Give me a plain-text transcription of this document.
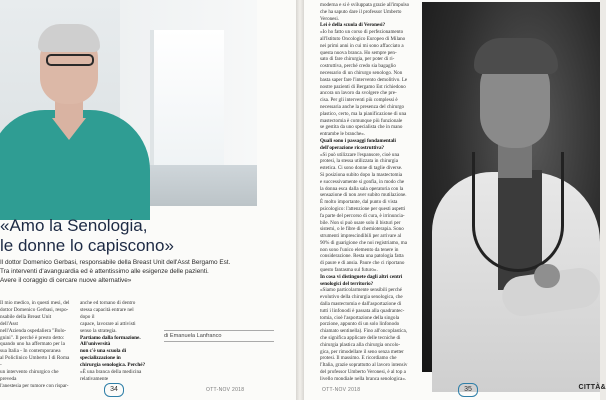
«Amo la Senologia,
le donne lo capiscono»
Il dottor Domenico Gerbasi, responsabile della Breast Unit dell'Asst Bergamo Est.
Tra interventi d'avanguardia ed è attentissimo alle esigenze delle pazienti.
Avere il coraggio di cercare nuove alternative»
Il mio medico, in questi mesi, del
dottor Domenico Gerbasi, respo-
nsabile della Breast Unit dell'Asst
nell'Azienda ospedaliera "Bolo-
gnini". Il perché è presto detto:
quando uno ha affermato per la
sua Italia - In contemporanea
al Policlinico Umberto I di Roma -
un intervento chirurgico che preveda
l'anestesia per tumore con rispar-
anche ed tornano di dentro
stessa capacità entrare nel
dopo il
capace, lavorare ai attivisti
senso la strategia.
Partiamo dalla formazione. All'università
non c'è una scuola di specializzazione in
chirurgia senologica. Perché?
«È una branca della medicina relativamente
di Emanuela Lanfranco
34	OTT-NOV 2018
moderna e si è sviluppata grazie all'impulso
che ha saputo dare il professor Umberto
Veronesi.
Lei è della scuola di Veronesi?
«Io ho fatto un corso di perfezionamento
all'Istituto Oncologico Europeo di Milano
nei primi anni in cui mi sono affacciato a
questa nuova branca. Ho sempre pen-
sato di fare chirurgia, per poter di ri-
costruttiva, perché credo sia bagaglio
necessario di un chirurgo senologo. Non
basta saper fare l'intervento demolitivo. Le
nostre pazienti di Bergamo Est richiedono
ancora un lavoro da svolgere che pre-
cisa. Per gli interventi più complessi è
necessaria anche la presenza del chirurgo
plastico, certo, ma la pianificazione di una
mastectomia è comunque più funzionale
se gestita da uno specialista che in mano
entrambe le branche».
Quali sono i passaggi fondamentali
dell'operazione ricostruttiva?
«Si può utilizzare l'espansore, cioè una
protesi, la stessa utilizzata in chirurgia
estetica. Ci sono donne di taglie diverse.
Si posiziona subito dopo la mastectomia
e successivamente si gonfia, in modo che
la donna esca dalla sala operatoria con la
sensazione di non aver subito mutilazione.
È molto importante, dal punto di vista
psicologico: l'attenzione per questi aspetti
fa parte del percorso di cura, è irrinuncia-
bile. Non si può usare solo il bisturi per
sistemi, o le fibre di chemioterapia. Sono
strumenti imprescindibili per arrivare al
90% di guarigione che noi registriamo, ma
non sono l'unico elemento da tenere in
considerazione. Resta una patologia fatta
di paure e di ansia. Paure che ci riportano
questo fantasma sul futuro».
In cosa vi distinguete dagli altri centri
senologici del territorio?
«Siamo particolarmente sensibili perché
evolutivo della chirurgia senologica, che
dalla mastectomia e dall'asportazione di
tutti i linfonodi è passata alla quadrantec-
tomia, cioè l'asportazione della singola
porzione, appunto di un solo linfonodo
chiamato sentinella). Fino all'oncoplastica,
che significa applicare delle tecniche di
chirurgia plastica alla chirurgia oncolo-
gica, per rimodellare il seno senza metter
protesi. Il massimo. E ricordiamo che
l'Italia, grazie soprattutto al lavoro intensiv
del professor Umberto Veronesi, è al top a
livello mondiale nella branca senologica».
OTT-NOV 2018	35	CITTÀ&
